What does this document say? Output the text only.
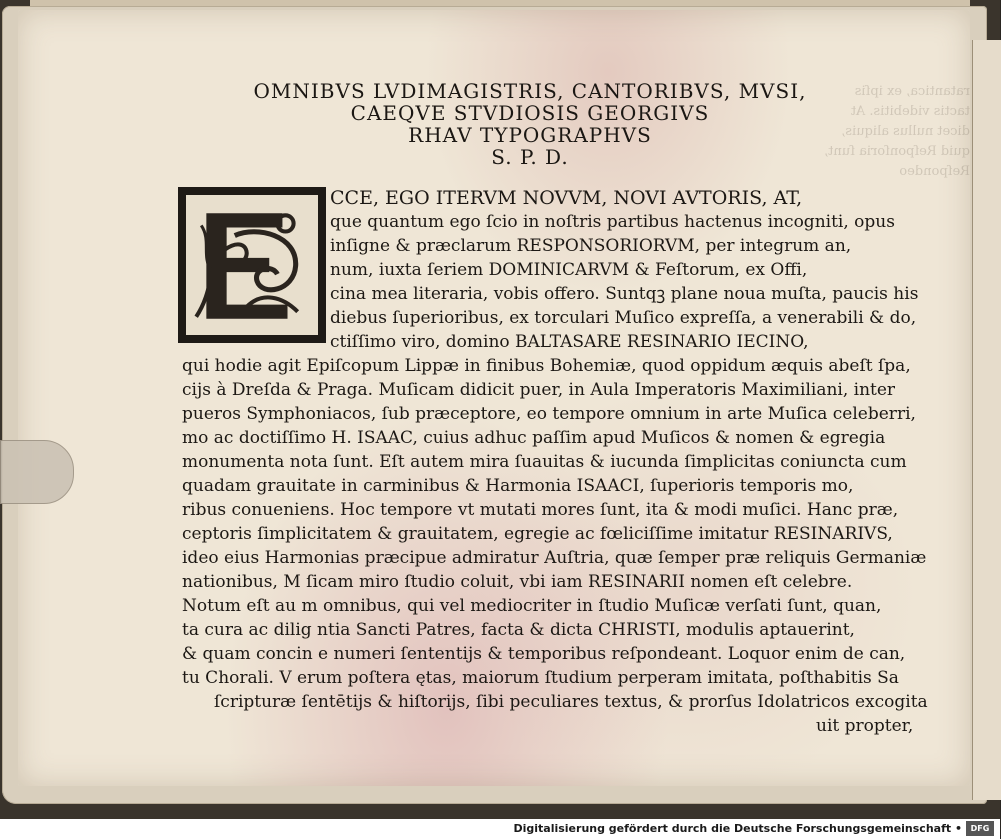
ratantica, ex ipſis tactis videbitis. At dicet nullus aliquis, quid Reſponſoria ſunt, Reſpondeo
OMNIBVS LVDIMAGISTRIS, CANTORIBVS, MVSI,
CAEQVE STVDIOSIS GEORGIVS
RHAV TYPOGRAPHVS
S. P. D.
CCE, EGO ITERVM NOVVM, NOVI AVTORIS, AT,
que quantum ego ſcio in noſtris partibus hactenus incogniti, opus
inſigne & præclarum RESPONSORIORVM, per integrum an,
num, iuxta ſeriem DOMINICARVM & Feſtorum, ex Offi,
cina mea literaria, vobis offero. Suntqꝫ plane noua muſta, paucis his
diebus ſuperioribus, ex torculari Muſico expreſſa, a venerabili & do,
ctiſſimo viro, domino BALTASARE RESINARIO IECINO,
qui hodie agit Epiſcopum Lippæ in finibus Bohemiæ, quod oppidum æquis abeſt ſpa,
cijs à Dreſda & Praga. Muſicam didicit puer, in Aula Imperatoris Maximiliani, inter
pueros Symphoniacos, ſub præceptore, eo tempore omnium in arte Muſica celeberri,
mo ac doctiſſimo H. ISAAC, cuius adhuc paſſim apud Muſicos & nomen & egregia
monumenta nota ſunt. Eſt autem mira ſuauitas & iucunda ſimplicitas coniuncta cum
quadam grauitate in carminibus & Harmonia ISAACI, ſuperioris temporis mo,
ribus conueniens. Hoc tempore vt mutati mores ſunt, ita & modi muſici. Hanc præ,
ceptoris ſimplicitatem & grauitatem, egregie ac fœliciſſime imitatur RESINARIVS,
ideo eius Harmonias præcipue admiratur Auſtria, quæ ſemper præ reliquis Germaniæ
nationibus, M ſicam miro ſtudio coluit, vbi iam RESINARII nomen eſt celebre.
Notum eſt au m omnibus, qui vel mediocriter in ſtudio Muſicæ verſati ſunt, quan,
ta cura ac dilig ntia Sancti Patres, facta & dicta CHRISTI, modulis aptauerint,
& quam concin e numeri ſententijs & temporibus reſpondeant. Loquor enim de can,
tu Chorali. V erum poſtera ętas, maiorum ſtudium perperam imitata, poſthabitis Sa
ſcripturæ ſentētijs & hiſtorijs, ſibi peculiares textus, & prorſus Idolatricos excogita
uit propter,
Digitalisierung gefördert durch die Deutsche Forschungsgemeinschaft •	DFG
